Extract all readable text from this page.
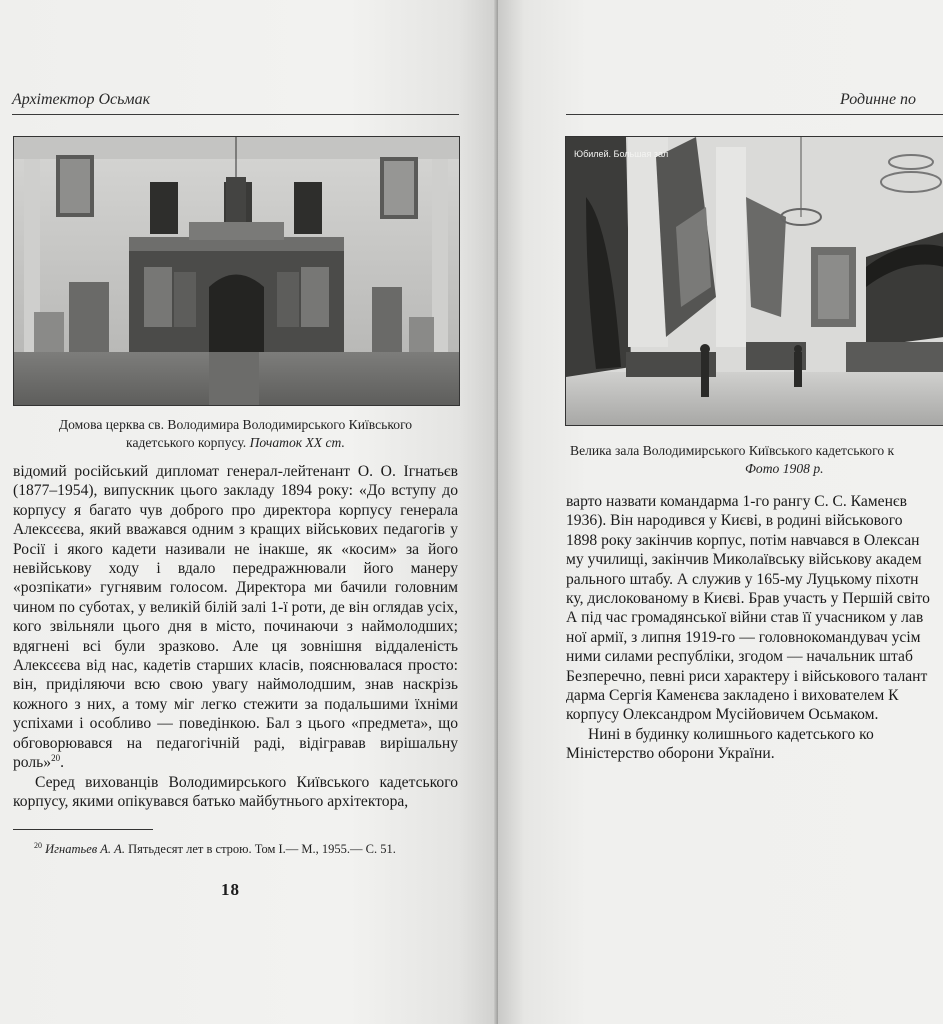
Архітектор Осьмак
Домова церква св. Володимира Володимирського Київського
кадетського корпусу. Початок XX ст.

відомий російський дипломат генерал-лейтенант О. О. Ігнатьєв (1877–1954), випускник цього закладу 1894 року: «До вступу до корпусу я багато чув доброго про директора корпусу генерала Алексєєва, який вважався одним з кращих військових педагогів у Росії і якого кадети називали не інакше, як «косим» за його невійськову ходу і вдало передражнювали його манеру «розпікати» гугнявим голосом. Директора ми бачили головним чином по суботах, у великій білій залі 1-ї роти, де він оглядав усіх, кого звільняли цього дня в місто, починаючи з наймолодших; вдягнені всі були зразково. Але ця зовнішня віддаленість Алексєєва від нас, кадетів старших класів, пояснювалася просто: він, приділяючи всю свою увагу наймолодшим, знав наскрізь кожного з них, а тому міг легко стежити за подальшими їхніми успіхами і особливо — поведінкою. Бал з цього «предмета», що обговорювався на педагогічній раді, відігравав вирішальну роль»$^{20}$.

Серед вихованців Володимирського Київського кадетського корпусу, якими опікувався батько майбутнього архітектора,

$^{20}$ Игнатьев А. А. Пятьдесят лет в строю. Том I.— М., 1955.— С. 51.
18
Родинне по
Юбилей. Большая зал
Велика зала Володимирського Київського кадетського к
Фото 1908 р.

варто назвати командарма 1-го рангу С. С. Каменєв

1936). Він народився у Києві, в родині військового

1898 року закінчив корпус, потім навчався в Олексан

му училищі, закінчив Миколаївську військову академ

рального штабу. А служив у 165-му Луцькому піхотн

ку, дислокованому в Києві. Брав участь у Першій світо

А під час громадянської війни став її учасником у лав

ної армії, з липня 1919-го — головнокомандувач усім

ними силами республіки, згодом — начальник штаб

Безперечно, певні риси характеру і військового талант

дарма Сергія Каменєва закладено і вихователем К

корпусу Олександром Мусійовичем Осьмаком.

Нині в будинку колишнього кадетського ко

Міністерство оборони України.
